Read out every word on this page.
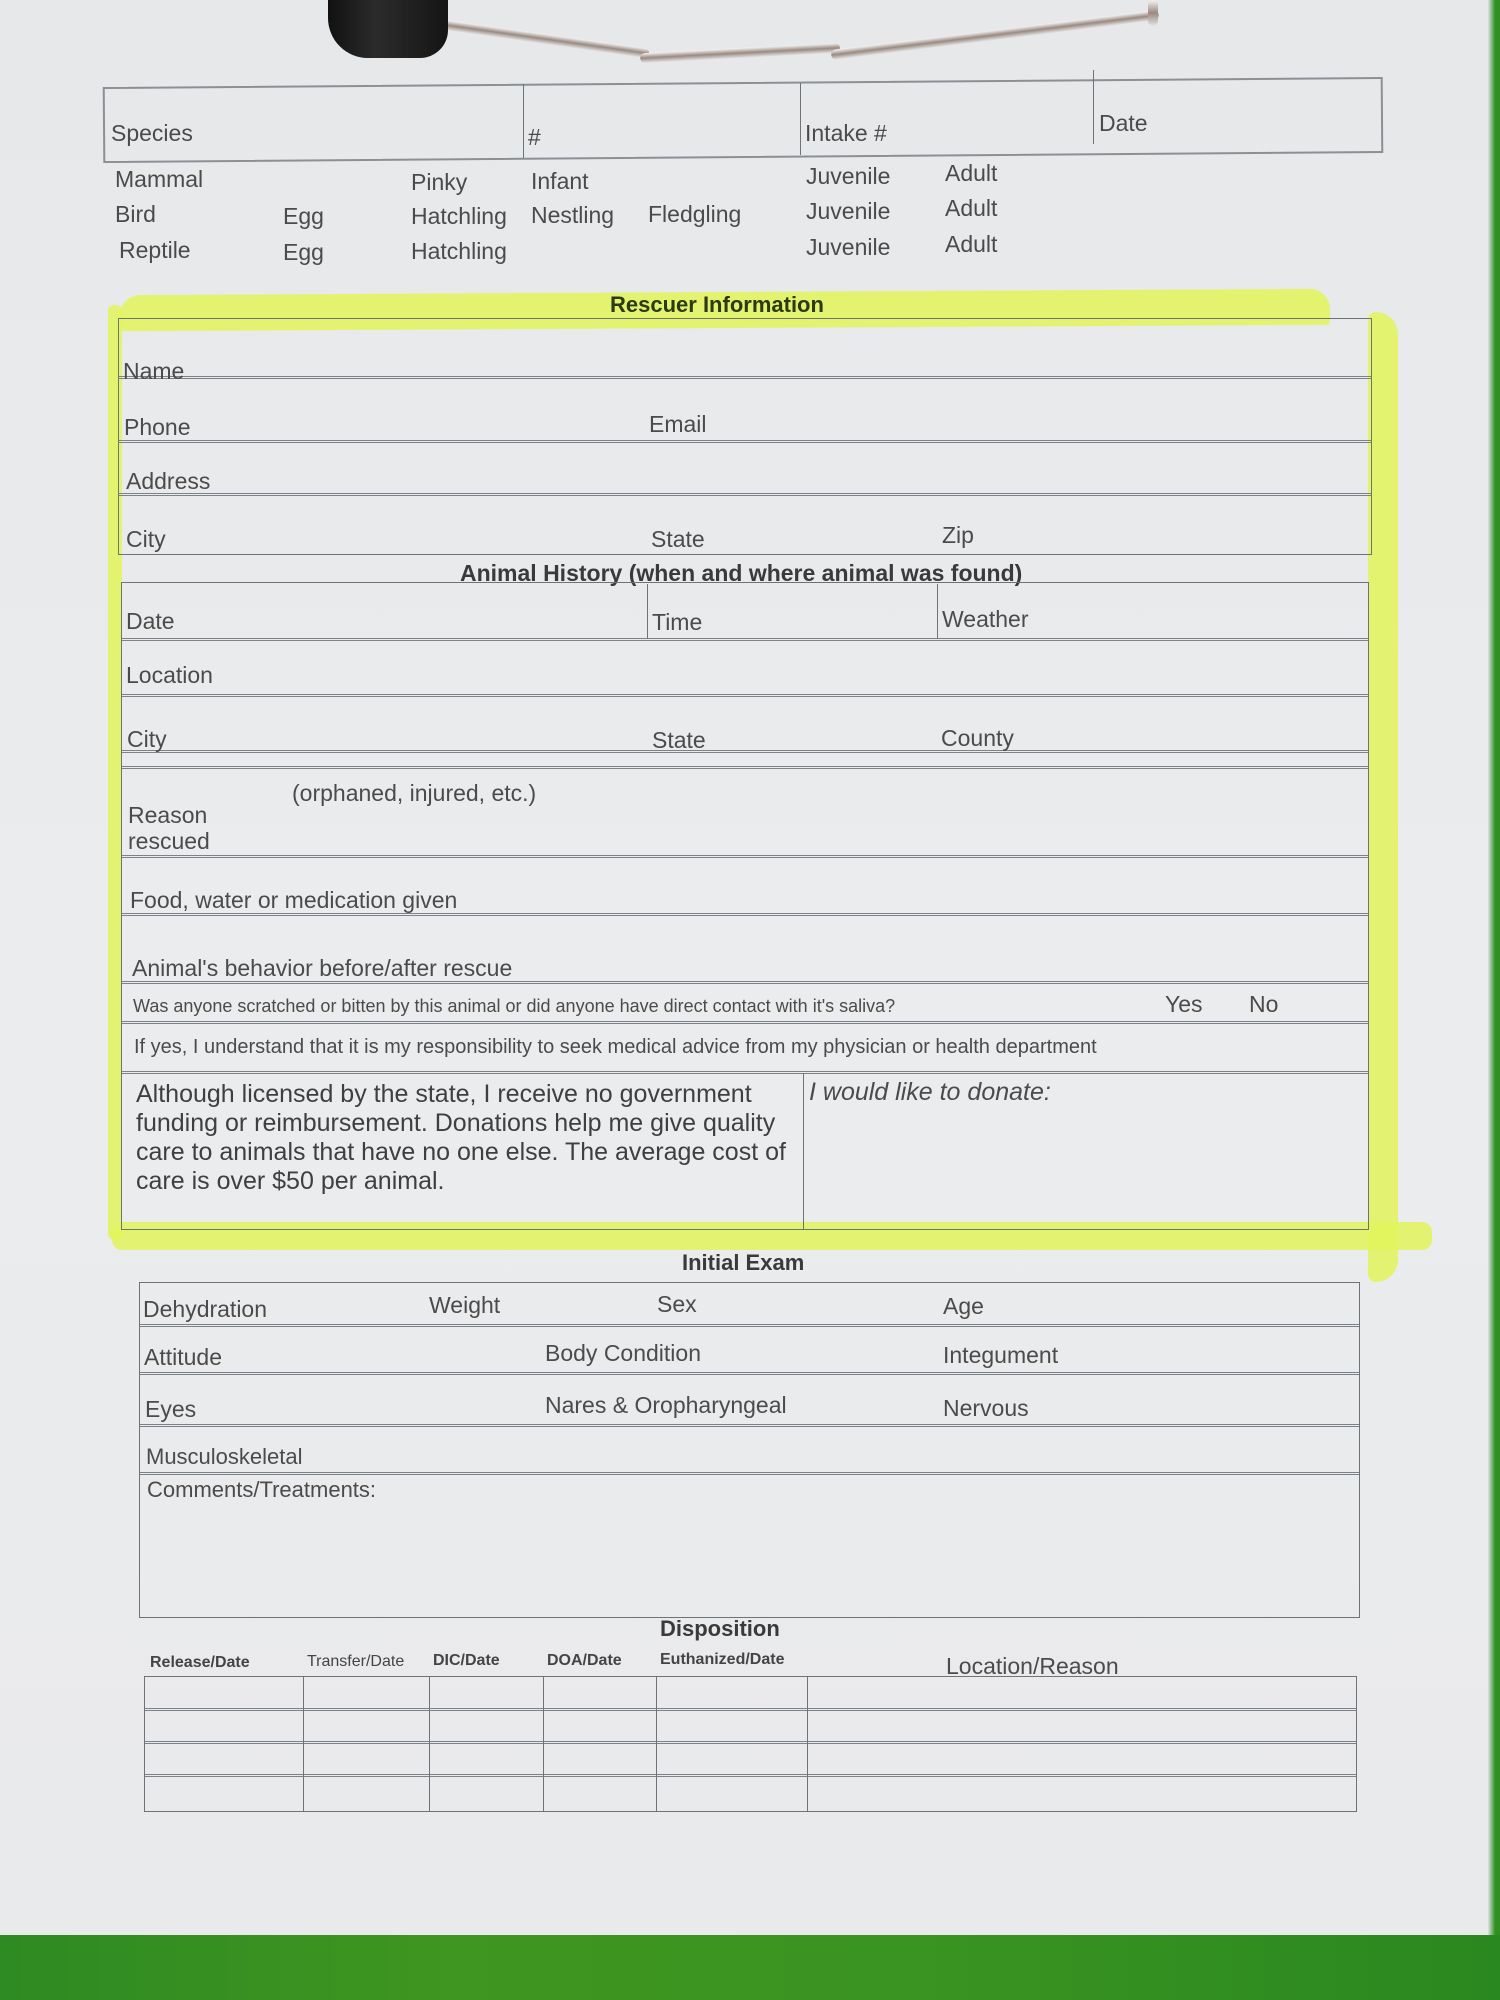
Species	#	Intake #	Date
Mammal	Pinky	Infant	Juvenile Adult
Bird	Egg	Hatchling Nestling Fledgling	Juvenile Adult
Reptile	Egg	Hatchling	Juvenile Adult
Rescuer Information
Name
Phone	Email
Address
City	State	Zip
Animal History (when and where animal was found)
Date	Time	Weather
Location
City	State	County
(orphaned, injured, etc.)
Reason
rescued
Food, water or medication given
Animal's behavior before/after rescue
Was anyone scratched or bitten by this animal or did anyone have direct contact with it's saliva?	Yes No
If yes, I understand that it is my responsibility to seek medical advice from my physician or health department
Although licensed by the state, I receive no government funding or reimbursement. Donations help me give quality care to animals that have no one else. The average cost of care is over $50 per animal.
I would like to donate:
Initial Exam
Dehydration	Weight	Sex	Age
Attitude	Body Condition	Integument
Eyes	Nares & Oropharyngeal	Nervous
Musculoskeletal
Comments/Treatments:
Disposition
Release/Date	Transfer/Date DIC/Date	DOA/Date Euthanized/Date	Location/Reason
